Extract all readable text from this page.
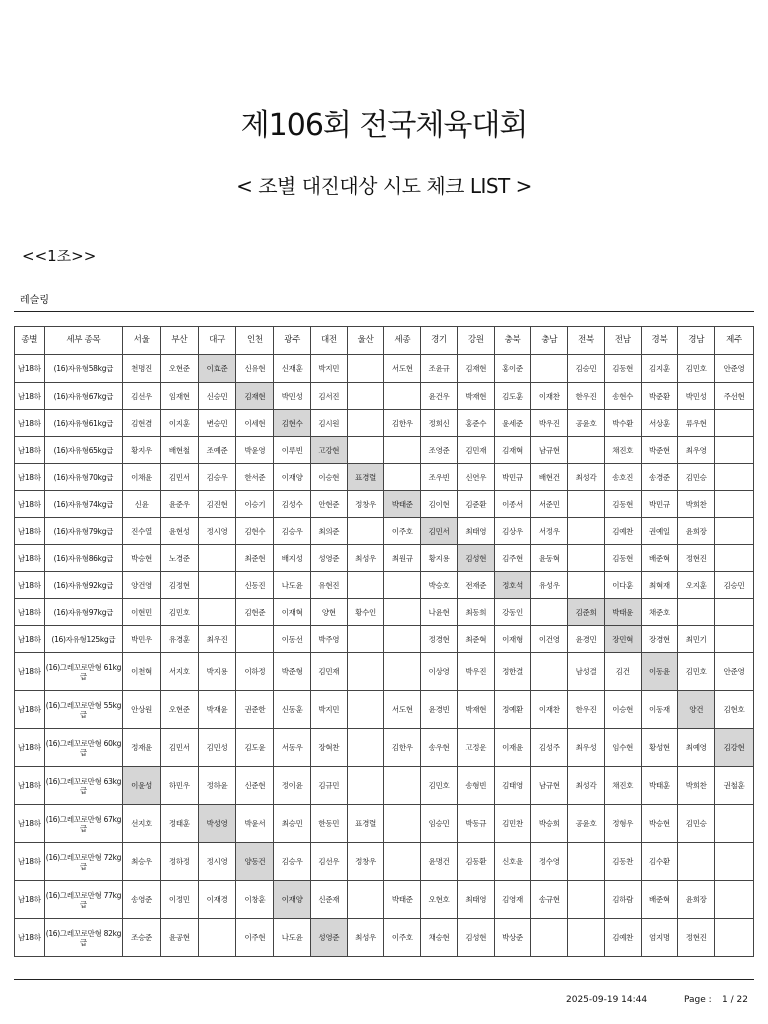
제106회 전국체육대회
< 조별 대진대상 시도 체크 LIST >
<<1조>>
레슬링
종별	세부 종목	서울	부산	대구	인천	광주	대전	울산	세종	경기	강원	충북	충남	전북	전남	경북	경남	제주
남18하	(16)자유형58kg급	천명진	오현준	이효준	신유현	신재훈	박지민		서도현	조윤규	김재현	홍이준		김승민	김동현	김지훈	김민호	안준영
남18하	(16)자유형67kg급	김선우	임재현	신승민	김재현	박민성	김서진			윤건우	박재현	김도훈	이재찬	한우진	송현수	박준환	박민성	주선현
남18하	(16)자유형61kg급	김현겸	이지훈	변승민	이세현	김현수	김시원		김한우	정희신	홍준수	윤세준	박우진	공윤호	박수환	서상훈	류우현	
남18하	(16)자유형65kg급	황지우	배현철	조예준	박윤영	이루빈	고강현			조영준	김민재	김재혁	남규현		채진호	박준현	최우영	
남18하	(16)자유형70kg급	이채윤	김민서	김승우	한서준	이재양	이승현	표경렬		조우빈	신연우	박민규	배현건	최성각	송호진	송경준	김민승	
남18하	(16)자유형74kg급	신윤	윤준우	김진현	이승기	김성수	안현준	정창우	박태준	김이현	김준환	이종서	서준민		김동현	박민규	박희찬	
남18하	(16)자유형79kg급	진수열	윤현성	정시영	김현수	김승우	최의준		이주호	김민서	최태영	김상우	서정우		김예찬	권예일	윤희장	
남18하	(16)자유형86kg급	박승현	노경준		최준현	배지성	성영준	최성우	최원규	황지용	김성현	김주현	윤동혁		김동현	배준혁	정현진	
남18하	(16)자유형92kg급	양건영	김정현		신동진	나도윤	유현진			박승호	전재준	정호석	유성우		이다훈	최혁재	오지훈	김승민
남18하	(16)자유형97kg급	이현민	김민호		김현준	이재혁	양현	황수인		나윤현	최동희	강동인		김준희	박태윤	채준호		
남18하	(16)자유형125kg급	박민우	유경훈	최우진		이동선	박주영			정경현	최준혁	이재형	이건영	윤경민	장민혁	장경현	최민기	
남18하	(16)그레꼬로만형 61kg급	이천혁	서지호	박지용	이하정	박준형	김민재			이상영	박우진	정한결		남성결	김건	이동윤	김민호	안준영
남18하	(16)그레꼬로만형 55kg급	안상원	오현준	박재윤	권준한	신동훈	박지민		서도현	윤경빈	박재현	정예환	이재찬	한우진	이승현	이동재	양건	김현호
남18하	(16)그레꼬로만형 60kg급	정재윤	김민서	김민성	김도윤	서동우	장혁찬		김한우	송우현	고정운	이재윤	김성주	최우성	임수현	황성현	최예영	김강현
남18하	(16)그레꼬로만형 63kg급	이윤성	하민우	정하윤	신준현	정이윤	김규민			김민호	송형빈	김태영	남규현	최성각	채진호	박태훈	박희찬	권철훈
남18하	(16)그레꼬로만형 67kg급	선지호	정태훈	박성영	박윤서	최승민	한동민	표경렬		임승민	박동규	김민찬	박승희	공윤호	정형우	박승현	김민승	
남18하	(16)그레꼬로만형 72kg급	최승우	정하정	정시영	양동건	김승우	김선우	정창우		윤명건	김동환	신호윤	정수영		김동찬	김수환		
남18하	(16)그레꼬로만형 77kg급	송영준	이정민	이재경	이창훈	이재양	신준재		박태준	오현호	최태영	김영재	송규현		김하람	배준혁	윤희장	
남18하	(16)그레꼬로만형 82kg급	조승준	윤공현		이주현	나도윤	성영준	최성우	이주호	채승현	김성현	박상준			김예찬	엄지명	정현진	
2025-09-19 14:44	Page : 1 / 22
